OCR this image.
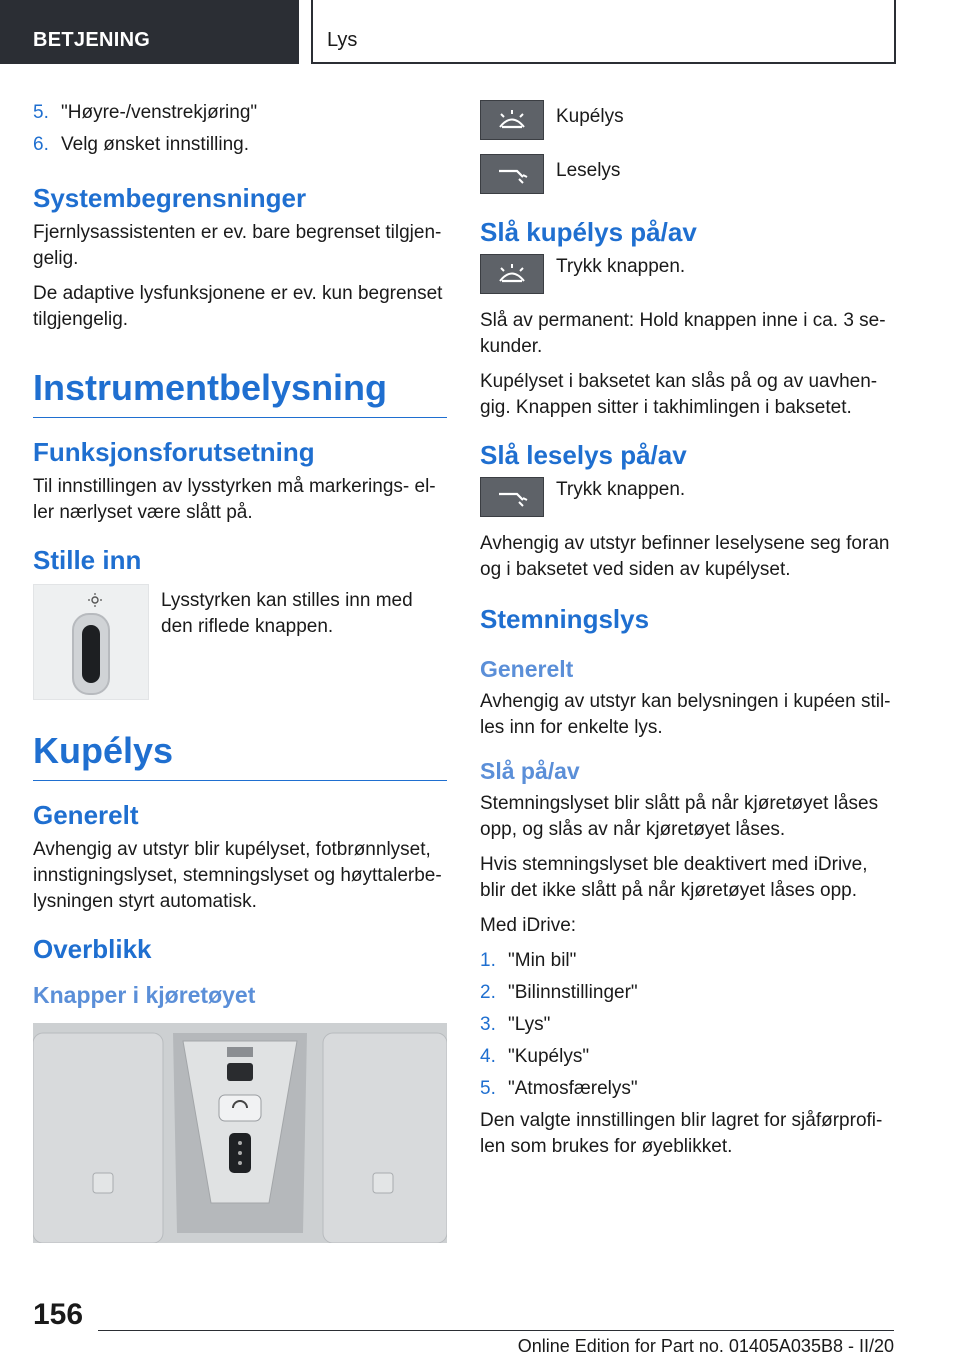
BETJENING	Lys
5. "Høyre-/venstrekjøring"
6. Velg ønsket innstilling.
Systembegrensninger

Fjernlysassistenten er ev. bare begrenset tilgjen‐gelig.

De adaptive lysfunksjonene er ev. kun begrenset tilgjengelig.

Instrumentbelysning
Funksjonsforutsetning

Til innstillingen av lysstyrken må markerings‐ el‐ler nærlyset være slått på.

Stille inn
Lysstyrken kan stilles inn med den riflede knappen.
Kupélys
Generelt

Avhengig av utstyr blir kupélyset, fotbrønnlyset, innstigningslyset, stemningslyset og høyttalerbe‐lysningen styrt automatisk.

Overblikk
Knapper i kjøretøyet
Kupélys
Leselys
Slå kupélys på/av
Trykk knappen.

Slå av permanent: Hold knappen inne i ca. 3 se‐kunder.

Kupélyset i baksetet kan slås på og av uavhen‐gig. Knappen sitter i takhimlingen i baksetet.

Slå leselys på/av
Trykk knappen.

Avhengig av utstyr befinner leselysene seg foran og i baksetet ved siden av kupélyset.

Stemningslys
Generelt

Avhengig av utstyr kan belysningen i kupéen stil‐les inn for enkelte lys.

Slå på/av

Stemningslyset blir slått på når kjøretøyet låses opp, og slås av når kjøretøyet låses.

Hvis stemningslyset ble deaktivert med iDrive, blir det ikke slått på når kjøretøyet låses opp.

Med iDrive:

1. "Min bil"
2. "Bilinnstillinger"
3. "Lys"
4. "Kupélys"
5. "Atmosfærelys"

Den valgte innstillingen blir lagret for sjåførprofi‐len som brukes for øyeblikket.

156
Online Edition for Part no. 01405A035B8 - II/20
